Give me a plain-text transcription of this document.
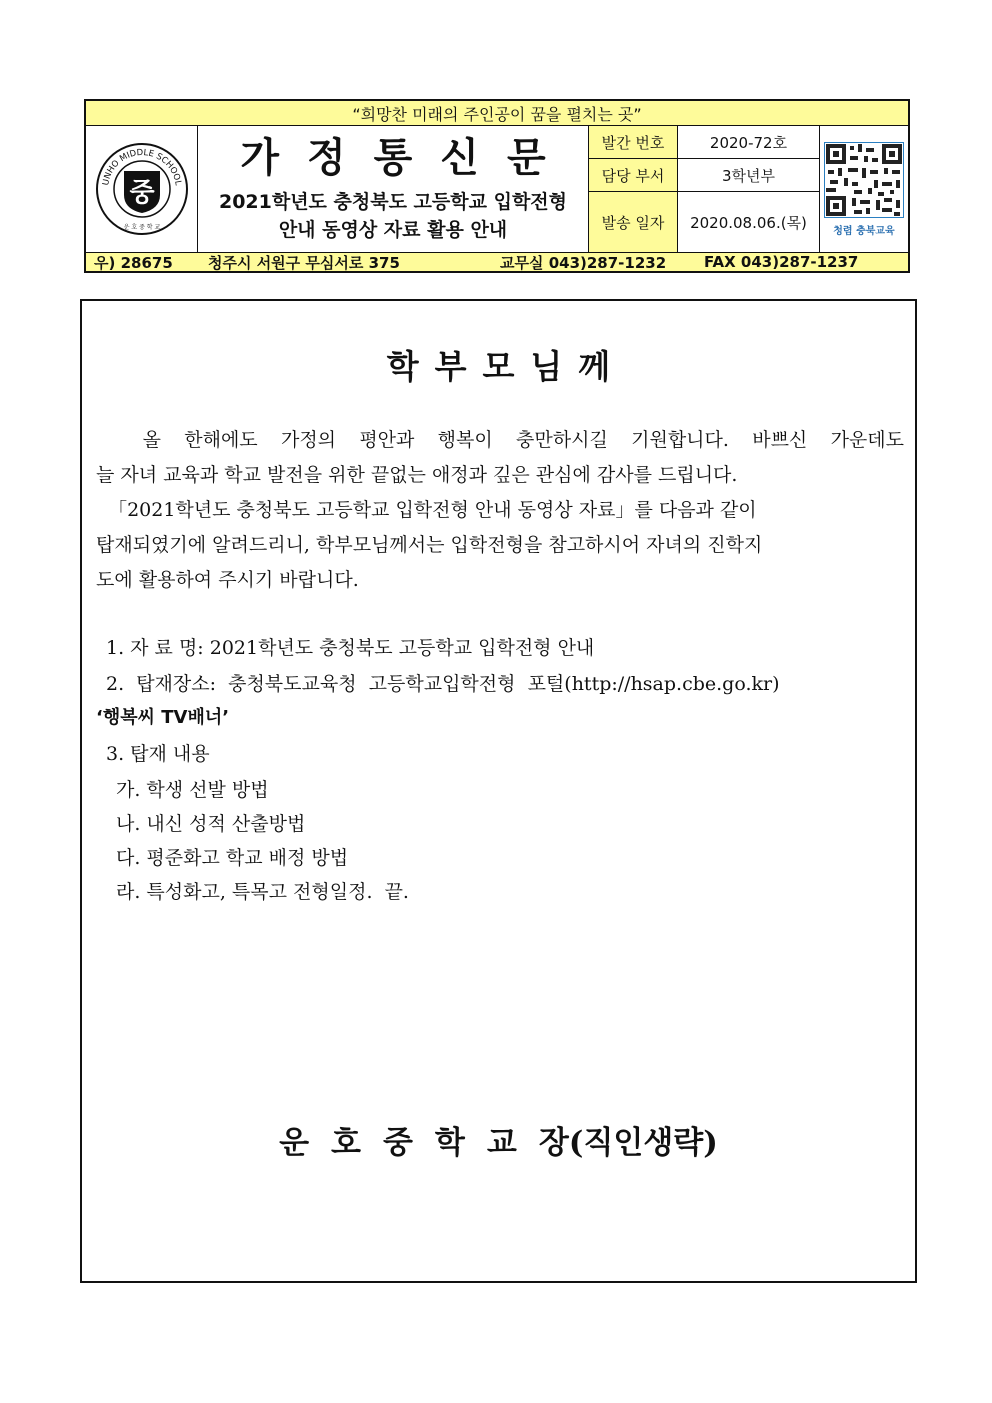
“희망찬 미래의 주인공이 꿈을 펼치는 곳”
UNHO MIDDLE SCHOOL
중
운 호 중 학 교
가정통신문
2021학년도 충청북도 고등학교 입학전형
안내 동영상 자료 활용 안내
발간 번호	2020-72호
담당 부서	3학년부
발송 일자	2020.08.06.(목)	청렴 충북교육
우) 28675 청주시 서원구 무심서로 375	교무실 043)287-1232	FAX 043)287-1237
학부모님께
올 한해에도 가정의 평안과 행복이 충만하시길 기원합니다. 바쁘신 가운데도
늘 자녀 교육과 학교 발전을 위한 끝없는 애정과 깊은 관심에 감사를 드립니다.
「2021학년도 충청북도 고등학교 입학전형 안내 동영상 자료」를 다음과 같이
탑재되였기에 알려드리니, 학부모님께서는 입학전형을 참고하시어 자녀의 진학지
도에 활용하여 주시기 바랍니다.
1. 자 료 명: 2021학년도 충청북도 고등학교 입학전형 안내
2.  탑재장소:  충청북도교육청  고등학교입학전형  포털(http://hsap.cbe.go.kr)
‘행복씨 TV배너’
3. 탑재 내용
가. 학생 선발 방법
나. 내신 성적 산출방법
다. 평준화고 학교 배정 방법
라. 특성화고, 특목고 전형일정.  끝.
운호중학교장(직인생략)
